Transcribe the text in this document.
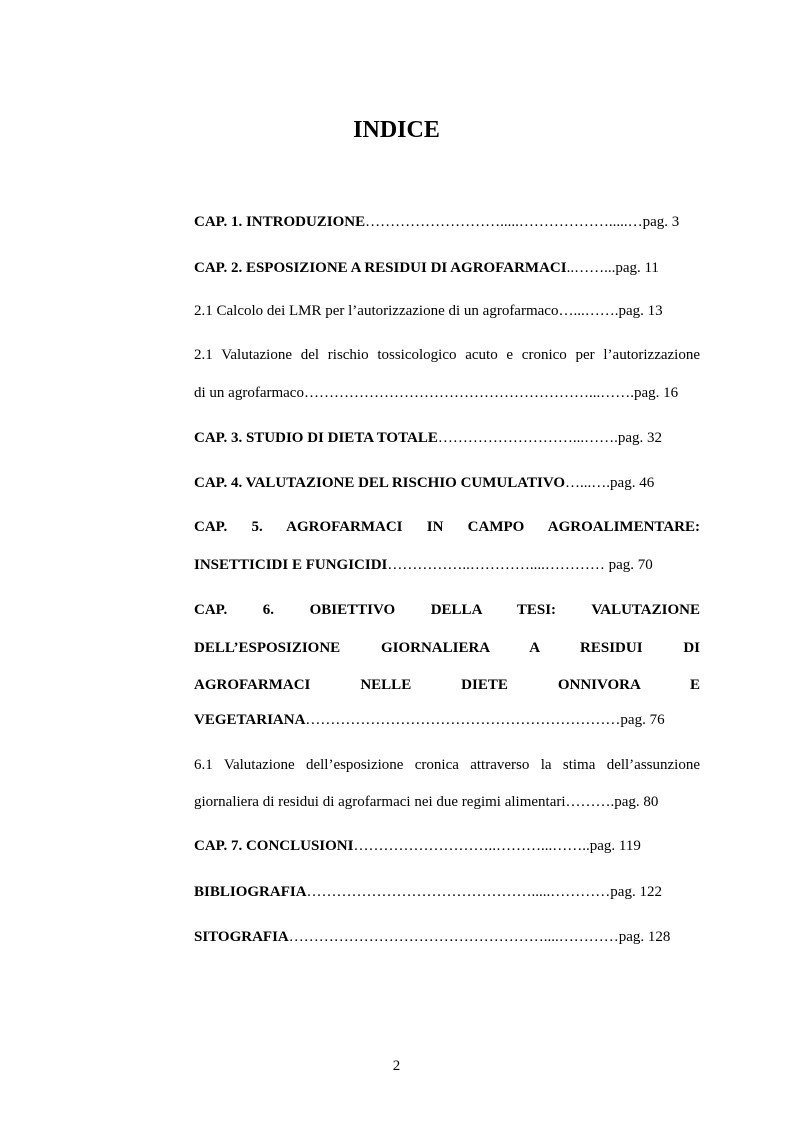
INDICE
CAP. 1. INTRODUZIONE……………………….....……………….....…pag. 3
CAP. 2. ESPOSIZIONE A RESIDUI DI AGROFARMACI..……...pag. 11
2.1 Calcolo dei LMR per l’autorizzazione di un agrofarmaco…...…….pag. 13
2.1 Valutazione del rischio tossicologico acuto e cronico per l’autorizzazione
di un agrofarmaco…………………………………………………...…….pag. 16
CAP. 3. STUDIO DI DIETA TOTALE………………………...…….pag. 32
CAP. 4. VALUTAZIONE DEL RISCHIO CUMULATIVO…...….pag. 46
CAP. 5. AGROFARMACI IN CAMPO AGROALIMENTARE:
INSETTICIDI E FUNGICIDI……………..…………....………… pag. 70
CAP. 6. OBIETTIVO DELLA TESI: VALUTAZIONE
DELL’ESPOSIZIONE GIORNALIERA A RESIDUI DI
AGROFARMACI NELLE DIETE ONNIVORA E
VEGETARIANA………………………………………………………pag. 76
6.1 Valutazione dell’esposizione cronica attraverso la stima dell’assunzione
giornaliera di residui di agrofarmaci nei due regimi alimentari……….pag. 80
CAP. 7. CONCLUSIONI………………………..………...……..pag. 119
BIBLIOGRAFIA……………………………………….....…………pag. 122
SITOGRAFIA……………………………………………....…………pag. 128
2
